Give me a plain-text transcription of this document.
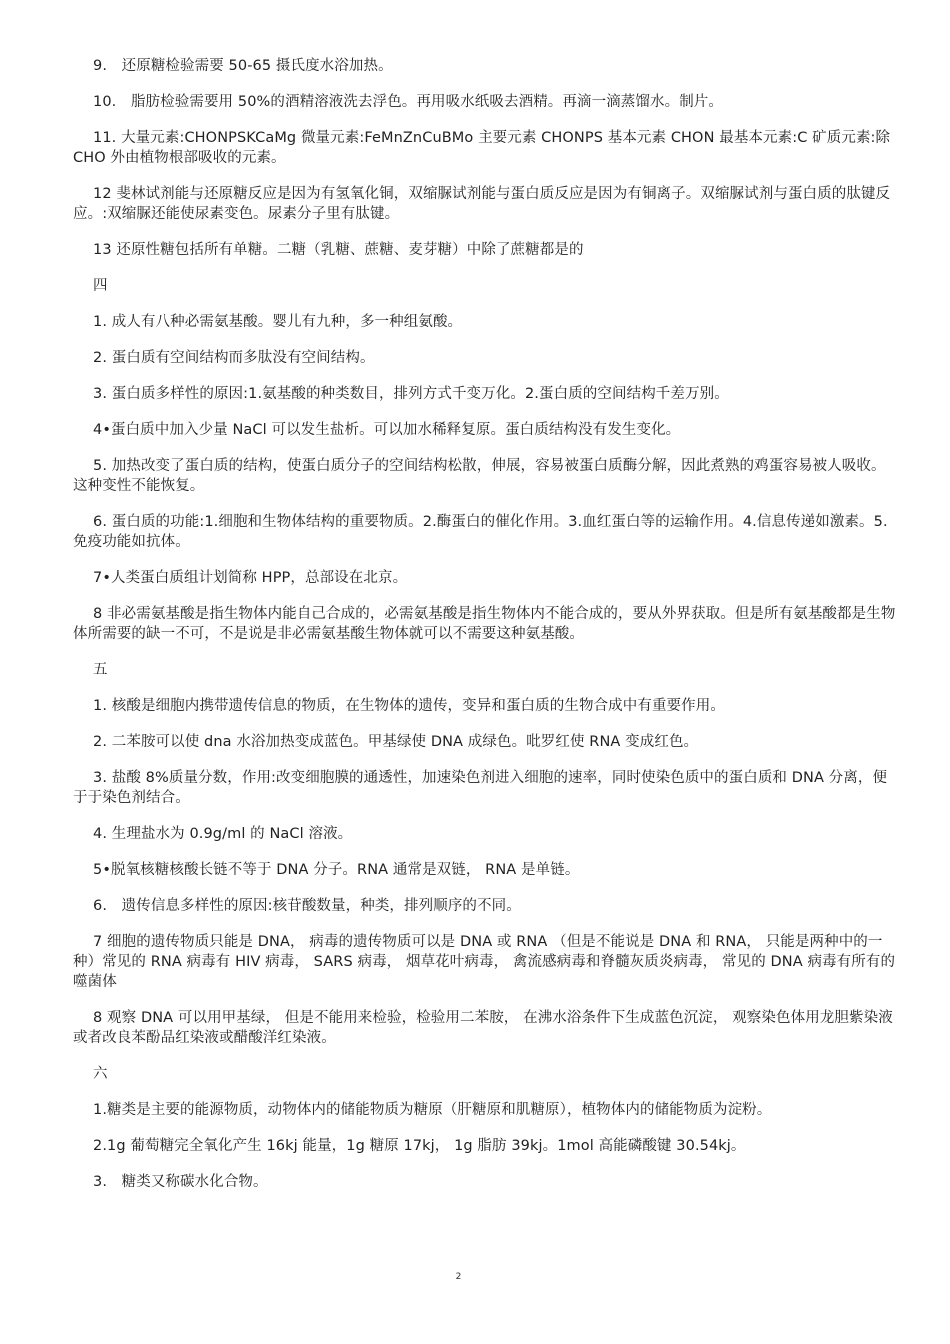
9.　还原糖检验需要 50-65 摄氏度水浴加热。

10.　脂肪检验需要用 50%的酒精溶液洗去浮色。再用吸水纸吸去酒精。再滴一滴蒸馏水。制片。

11. 大量元素:CHONPSKCaMg 微量元素:FeMnZnCuBMo 主要元素 CHONPS 基本元素 CHON 最基本元素:C 矿质元素:除 CHO 外由植物根部吸收的元素。

12 斐林试剂能与还原糖反应是因为有氢氧化铜，双缩脲试剂能与蛋白质反应是因为有铜离子。双缩脲试剂与蛋白质的肽键反应。:双缩脲还能使尿素变色。尿素分子里有肽键。

13 还原性糖包括所有单糖。二糖（乳糖、蔗糖、麦芽糖）中除了蔗糖都是的

四

1. 成人有八种必需氨基酸。婴儿有九种，多一种组氨酸。

2. 蛋白质有空间结构而多肽没有空间结构。

3. 蛋白质多样性的原因:1.氨基酸的种类数目，排列方式千变万化。2.蛋白质的空间结构千差万别。

4•蛋白质中加入少量 NaCl 可以发生盐析。可以加水稀释复原。蛋白质结构没有发生变化。

5. 加热改变了蛋白质的结构，使蛋白质分子的空间结构松散，伸展，容易被蛋白质酶分解，因此煮熟的鸡蛋容易被人吸收。这种变性不能恢复。

6. 蛋白质的功能:1.细胞和生物体结构的重要物质。2.酶蛋白的催化作用。3.血红蛋白等的运输作用。4.信息传递如激素。5.免疫功能如抗体。

7•人类蛋白质组计划简称 HPP，总部设在北京。

8 非必需氨基酸是指生物体内能自己合成的，必需氨基酸是指生物体内不能合成的，要从外界获取。但是所有氨基酸都是生物体所需要的缺一不可，不是说是非必需氨基酸生物体就可以不需要这种氨基酸。

五

1. 核酸是细胞内携带遗传信息的物质，在生物体的遗传，变异和蛋白质的生物合成中有重要作用。

2. 二苯胺可以使 dna 水浴加热变成蓝色。甲基绿使 DNA 成绿色。吡罗红使 RNA 变成红色。

3. 盐酸 8%质量分数，作用:改变细胞膜的通透性，加速染色剂进入细胞的速率，同时使染色质中的蛋白质和 DNA 分离，便于于染色剂结合。

4. 生理盐水为 0.9g/ml 的 NaCl 溶液。

5•脱氧核糖核酸长链不等于 DNA 分子。RNA 通常是双链， RNA 是单链。

6.　遗传信息多样性的原因:核苷酸数量，种类，排列顺序的不同。

7 细胞的遗传物质只能是 DNA， 病毒的遗传物质可以是 DNA 或 RNA （但是不能说是 DNA 和 RNA， 只能是两种中的一种）常见的 RNA 病毒有 HIV 病毒， SARS 病毒， 烟草花叶病毒， 禽流感病毒和脊髓灰质炎病毒， 常见的 DNA 病毒有所有的噬菌体

8 观察 DNA 可以用甲基绿， 但是不能用来检验，检验用二苯胺， 在沸水浴条件下生成蓝色沉淀， 观察染色体用龙胆紫染液或者改良苯酚品红染液或醋酸洋红染液。

六

1.糖类是主要的能源物质，动物体内的储能物质为糖原（肝糖原和肌糖原），植物体内的储能物质为淀粉。

2.1g 葡萄糖完全氧化产生 16kj 能量，1g 糖原 17kj， 1g 脂肪 39kj。1mol 高能磷酸键 30.54kj。

3.　糖类又称碳水化合物。

2
